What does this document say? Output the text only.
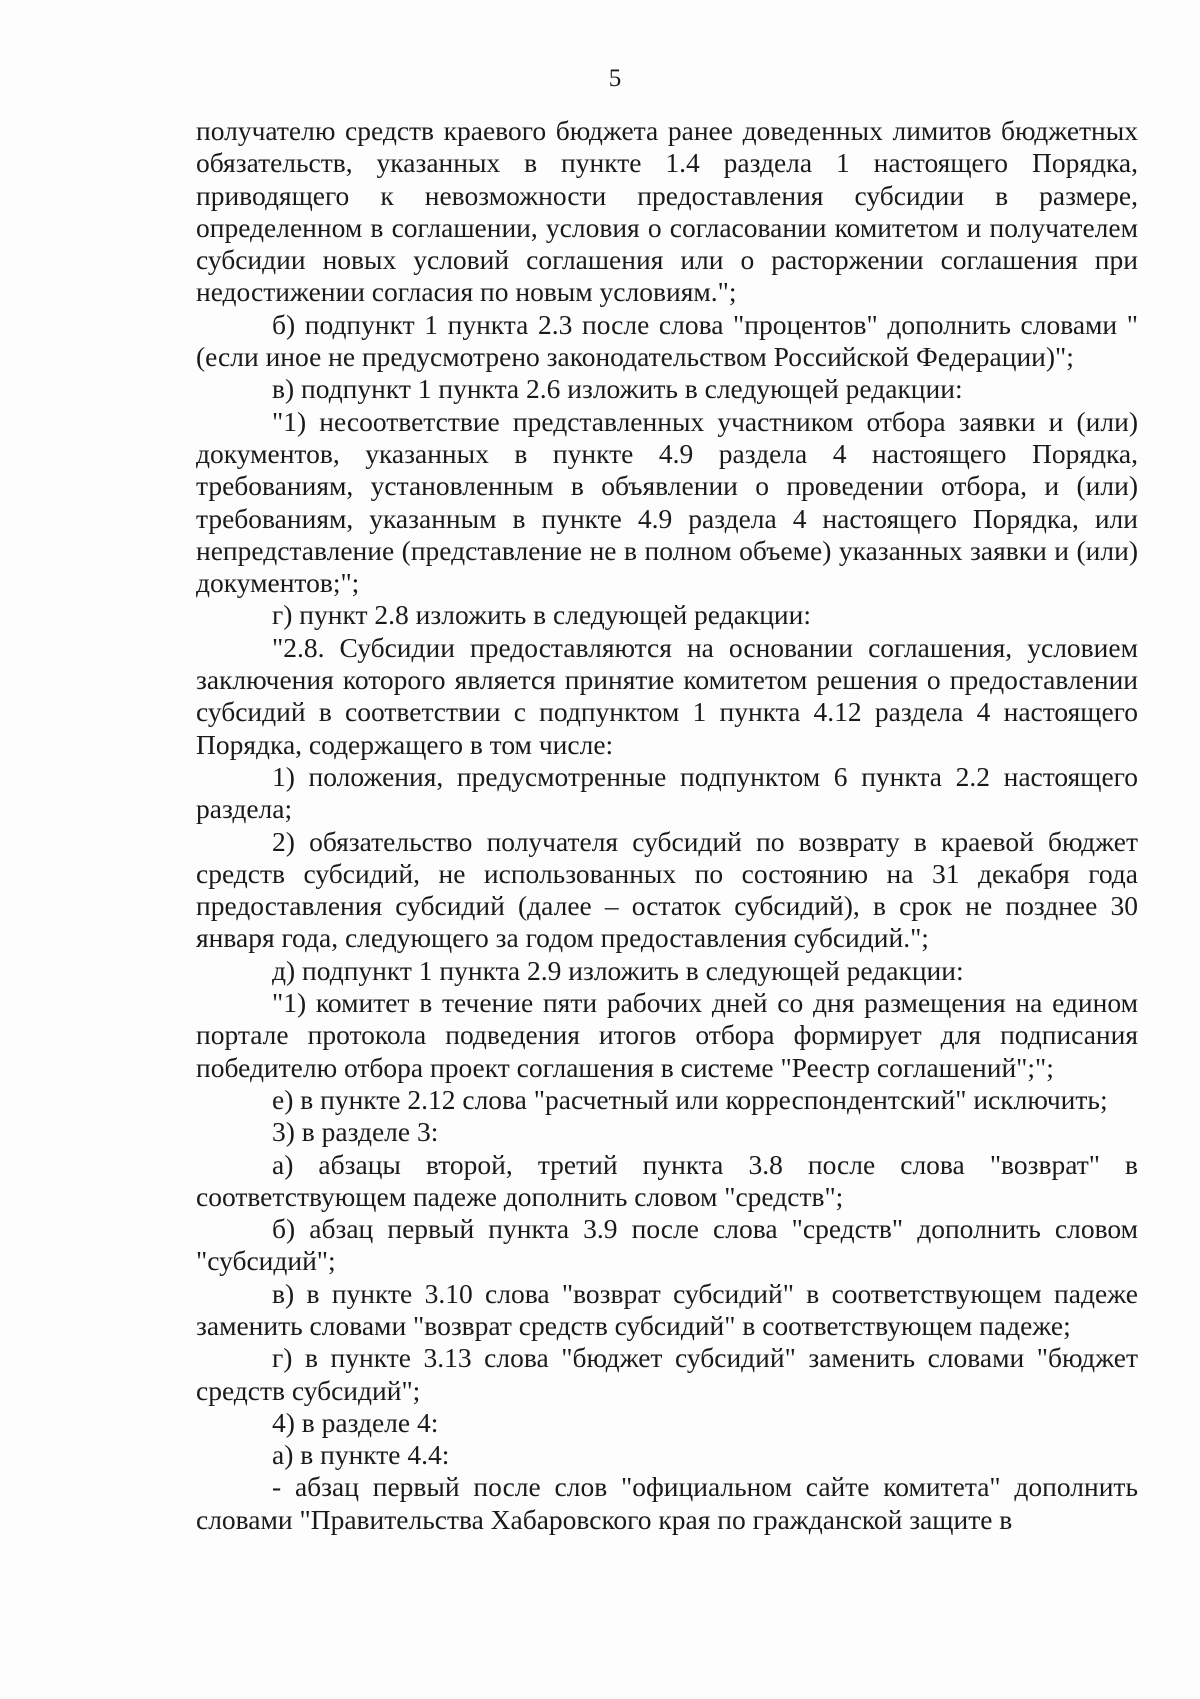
5

получателю средств краевого бюджета ранее доведенных лимитов бюджетных обязательств, указанных в пункте 1.4 раздела 1 настоящего Порядка, приводящего к невозможности предоставления субсидии в размере, определенном в соглашении, условия о согласовании комитетом и получателем субсидии новых условий соглашения или о расторжении соглашения при недостижении согласия по новым условиям.";

б) подпункт 1 пункта 2.3 после слова "процентов" дополнить словами "(если иное не предусмотрено законодательством Российской Федерации)";

в) подпункт 1 пункта 2.6 изложить в следующей редакции:

"1) несоответствие представленных участником отбора заявки и (или) документов, указанных в пункте 4.9 раздела 4 настоящего Порядка, требованиям, установленным в объявлении о проведении отбора, и (или) требованиям, указанным в пункте 4.9 раздела 4 настоящего Порядка, или непредставление (представление не в полном объеме) указанных заявки и (или) документов;";

г) пункт 2.8 изложить в следующей редакции:

"2.8. Субсидии предоставляются на основании соглашения, условием заключения которого является принятие комитетом решения о предоставлении субсидий в соответствии с подпунктом 1 пункта 4.12 раздела 4 настоящего Порядка, содержащего в том числе:

1) положения, предусмотренные подпунктом 6 пункта 2.2 настоящего раздела;

2) обязательство получателя субсидий по возврату в краевой бюджет средств субсидий, не использованных по состоянию на 31 декабря года предоставления субсидий (далее – остаток субсидий), в срок не позднее 30 января года, следующего за годом предоставления субсидий.";

д) подпункт 1 пункта 2.9 изложить в следующей редакции:

"1) комитет в течение пяти рабочих дней со дня размещения на едином портале протокола подведения итогов отбора формирует для подписания победителю отбора проект соглашения в системе "Реестр соглашений";";

е) в пункте 2.12 слова "расчетный или корреспондентский" исключить;

3) в разделе 3:

а) абзацы второй, третий пункта 3.8 после слова "возврат" в соответствующем падеже дополнить словом "средств";

б) абзац первый пункта 3.9 после слова "средств" дополнить словом "субсидий";

в) в пункте 3.10 слова "возврат субсидий" в соответствующем падеже заменить словами "возврат средств субсидий" в соответствующем падеже;

г) в пункте 3.13 слова "бюджет субсидий" заменить словами "бюджет средств субсидий";

4) в разделе 4:

а) в пункте 4.4:

- абзац первый после слов "официальном сайте комитета" дополнить словами "Правительства Хабаровского края по гражданской защите в
